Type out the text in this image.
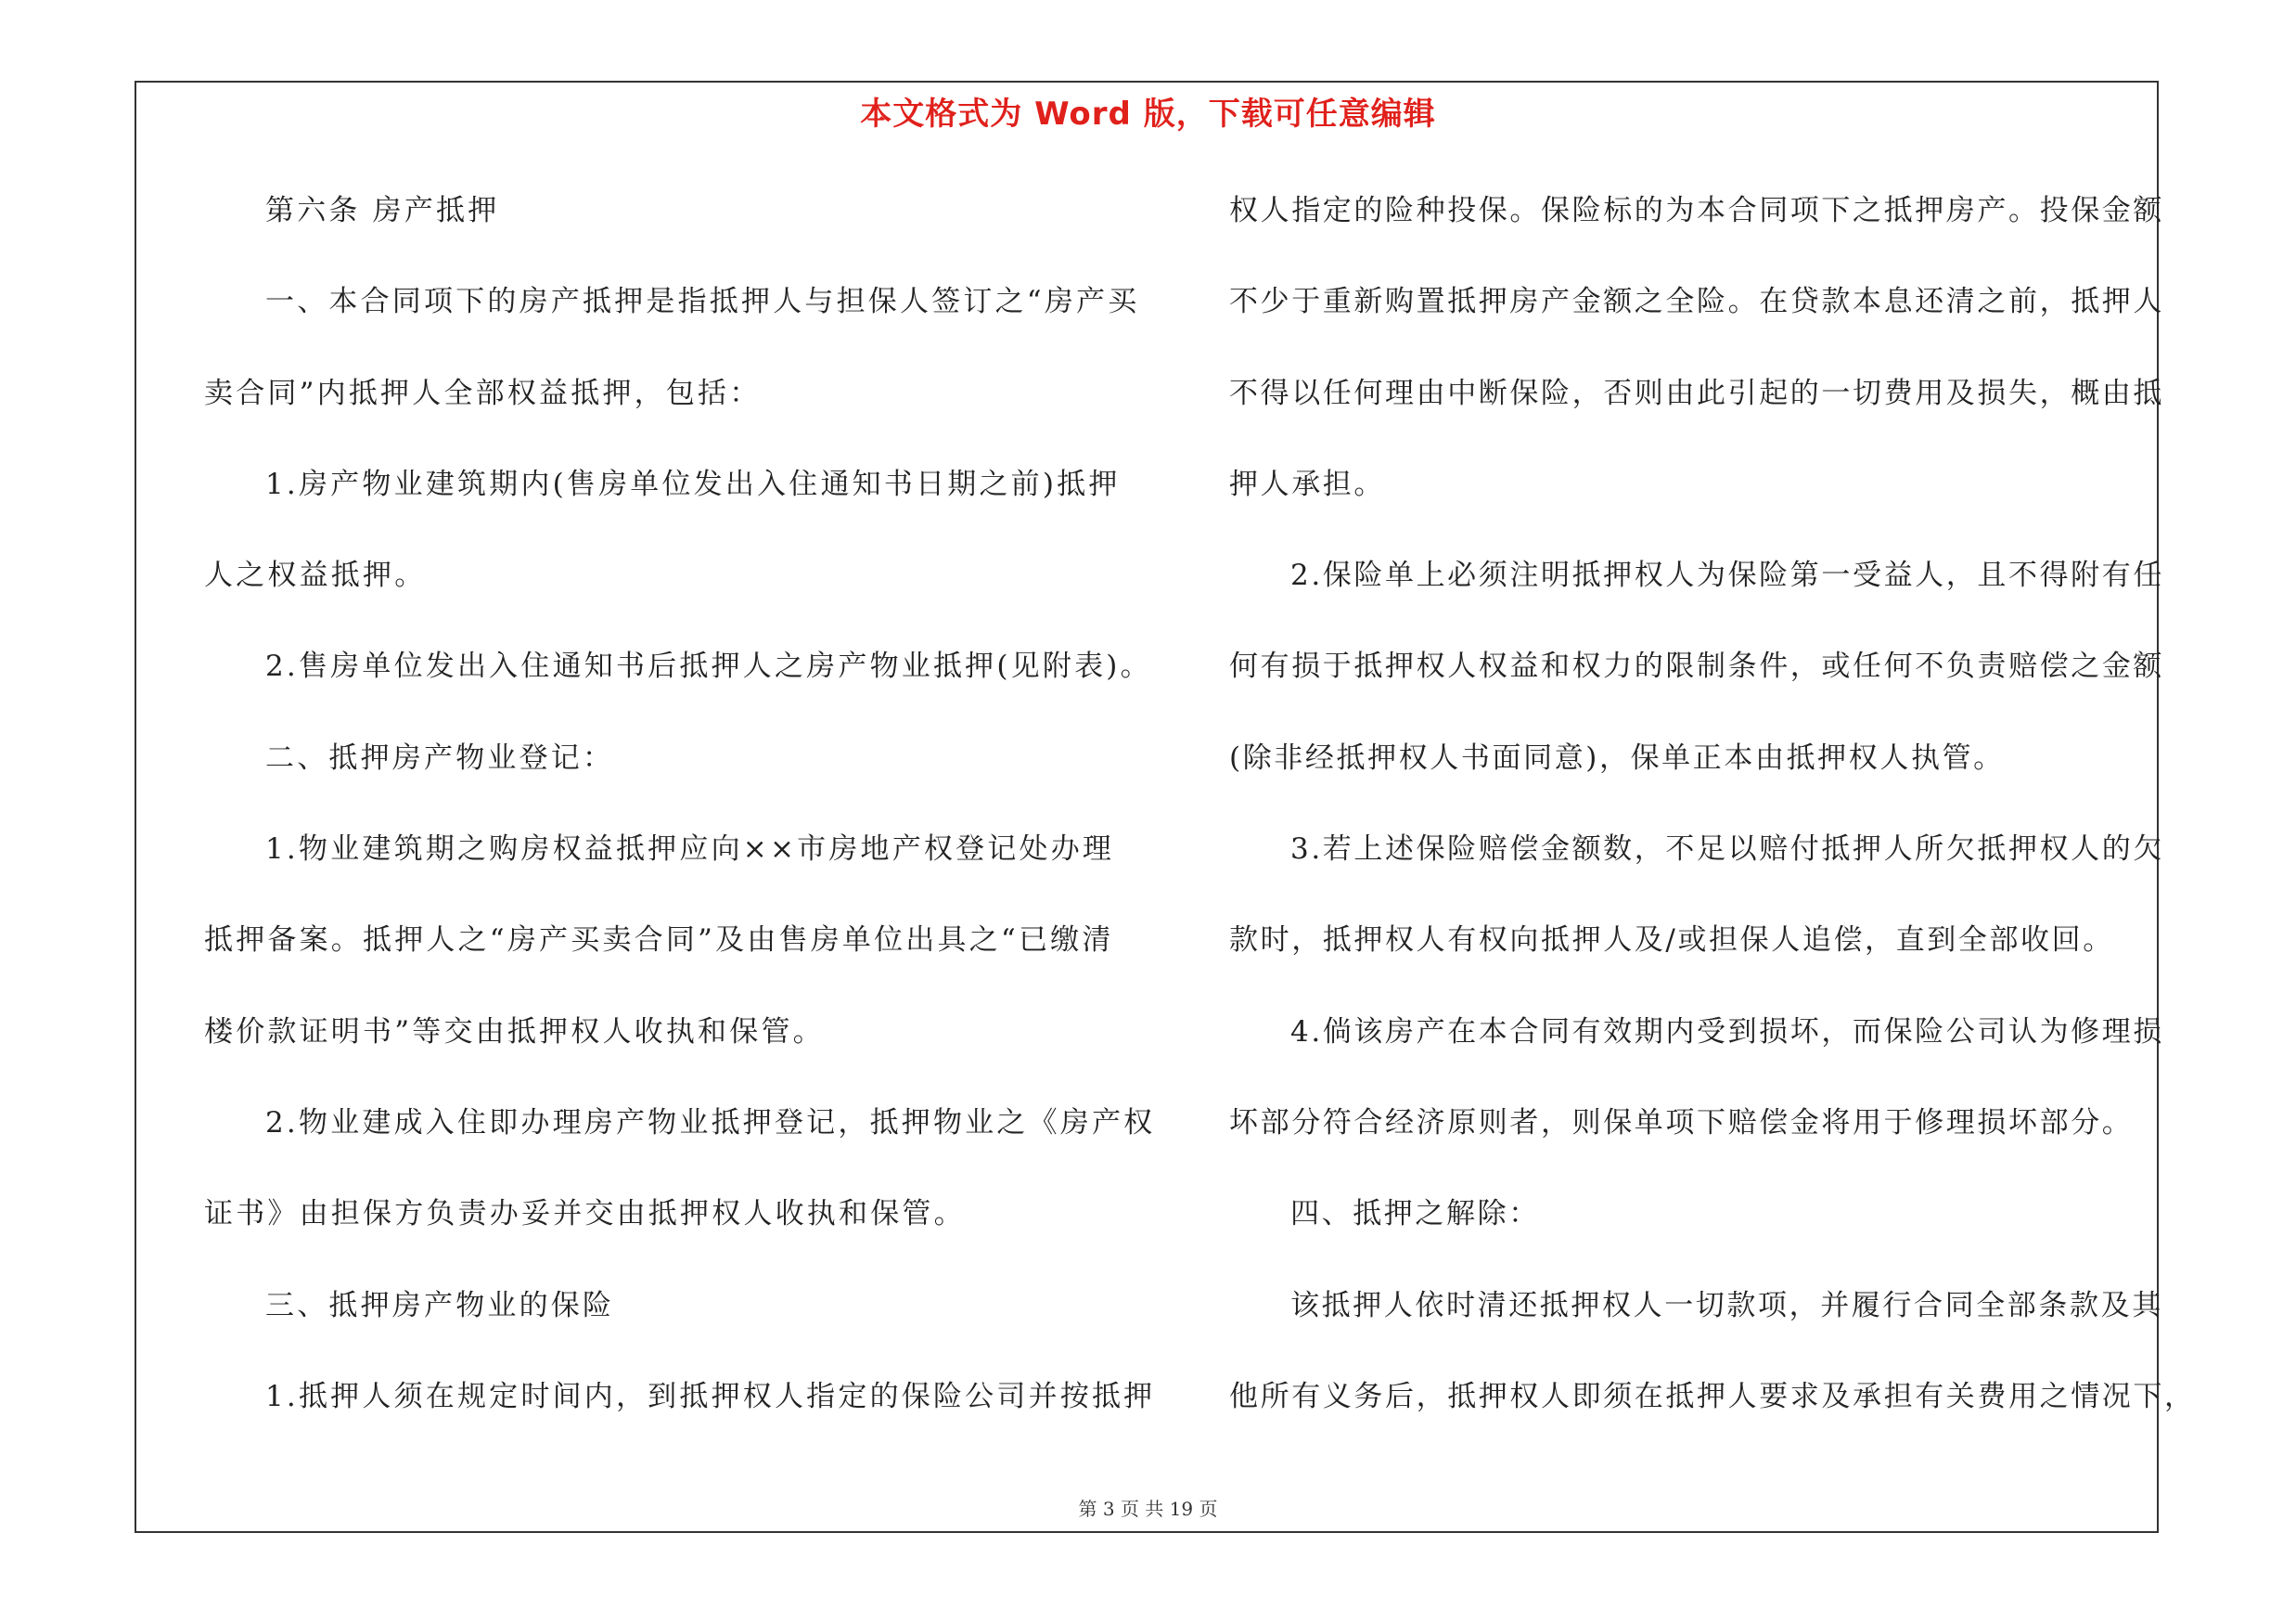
本文格式为 Word 版，下载可任意编辑
第六条 房产抵押
一、本合同项下的房产抵押是指抵押人与担保人签订之“房产买
卖合同”内抵押人全部权益抵押，包括：
1.房产物业建筑期内(售房单位发出入住通知书日期之前)抵押
人之权益抵押。
2.售房单位发出入住通知书后抵押人之房产物业抵押(见附表)。
二、抵押房产物业登记：
1.物业建筑期之购房权益抵押应向××市房地产权登记处办理
抵押备案。抵押人之“房产买卖合同”及由售房单位出具之“已缴清
楼价款证明书”等交由抵押权人收执和保管。
2.物业建成入住即办理房产物业抵押登记，抵押物业之《房产权
证书》由担保方负责办妥并交由抵押权人收执和保管。
三、抵押房产物业的保险
1.抵押人须在规定时间内，到抵押权人指定的保险公司并按抵押
权人指定的险种投保。保险标的为本合同项下之抵押房产。投保金额
不少于重新购置抵押房产金额之全险。在贷款本息还清之前，抵押人
不得以任何理由中断保险，否则由此引起的一切费用及损失，概由抵
押人承担。
2.保险单上必须注明抵押权人为保险第一受益人，且不得附有任
何有损于抵押权人权益和权力的限制条件，或任何不负责赔偿之金额
(除非经抵押权人书面同意)，保单正本由抵押权人执管。
3.若上述保险赔偿金额数，不足以赔付抵押人所欠抵押权人的欠
款时，抵押权人有权向抵押人及/或担保人追偿，直到全部收回。
4.倘该房产在本合同有效期内受到损坏，而保险公司认为修理损
坏部分符合经济原则者，则保单项下赔偿金将用于修理损坏部分。
四、抵押之解除：
该抵押人依时清还抵押权人一切款项，并履行合同全部条款及其
他所有义务后，抵押权人即须在抵押人要求及承担有关费用之情况下，
第 3 页 共 19 页
